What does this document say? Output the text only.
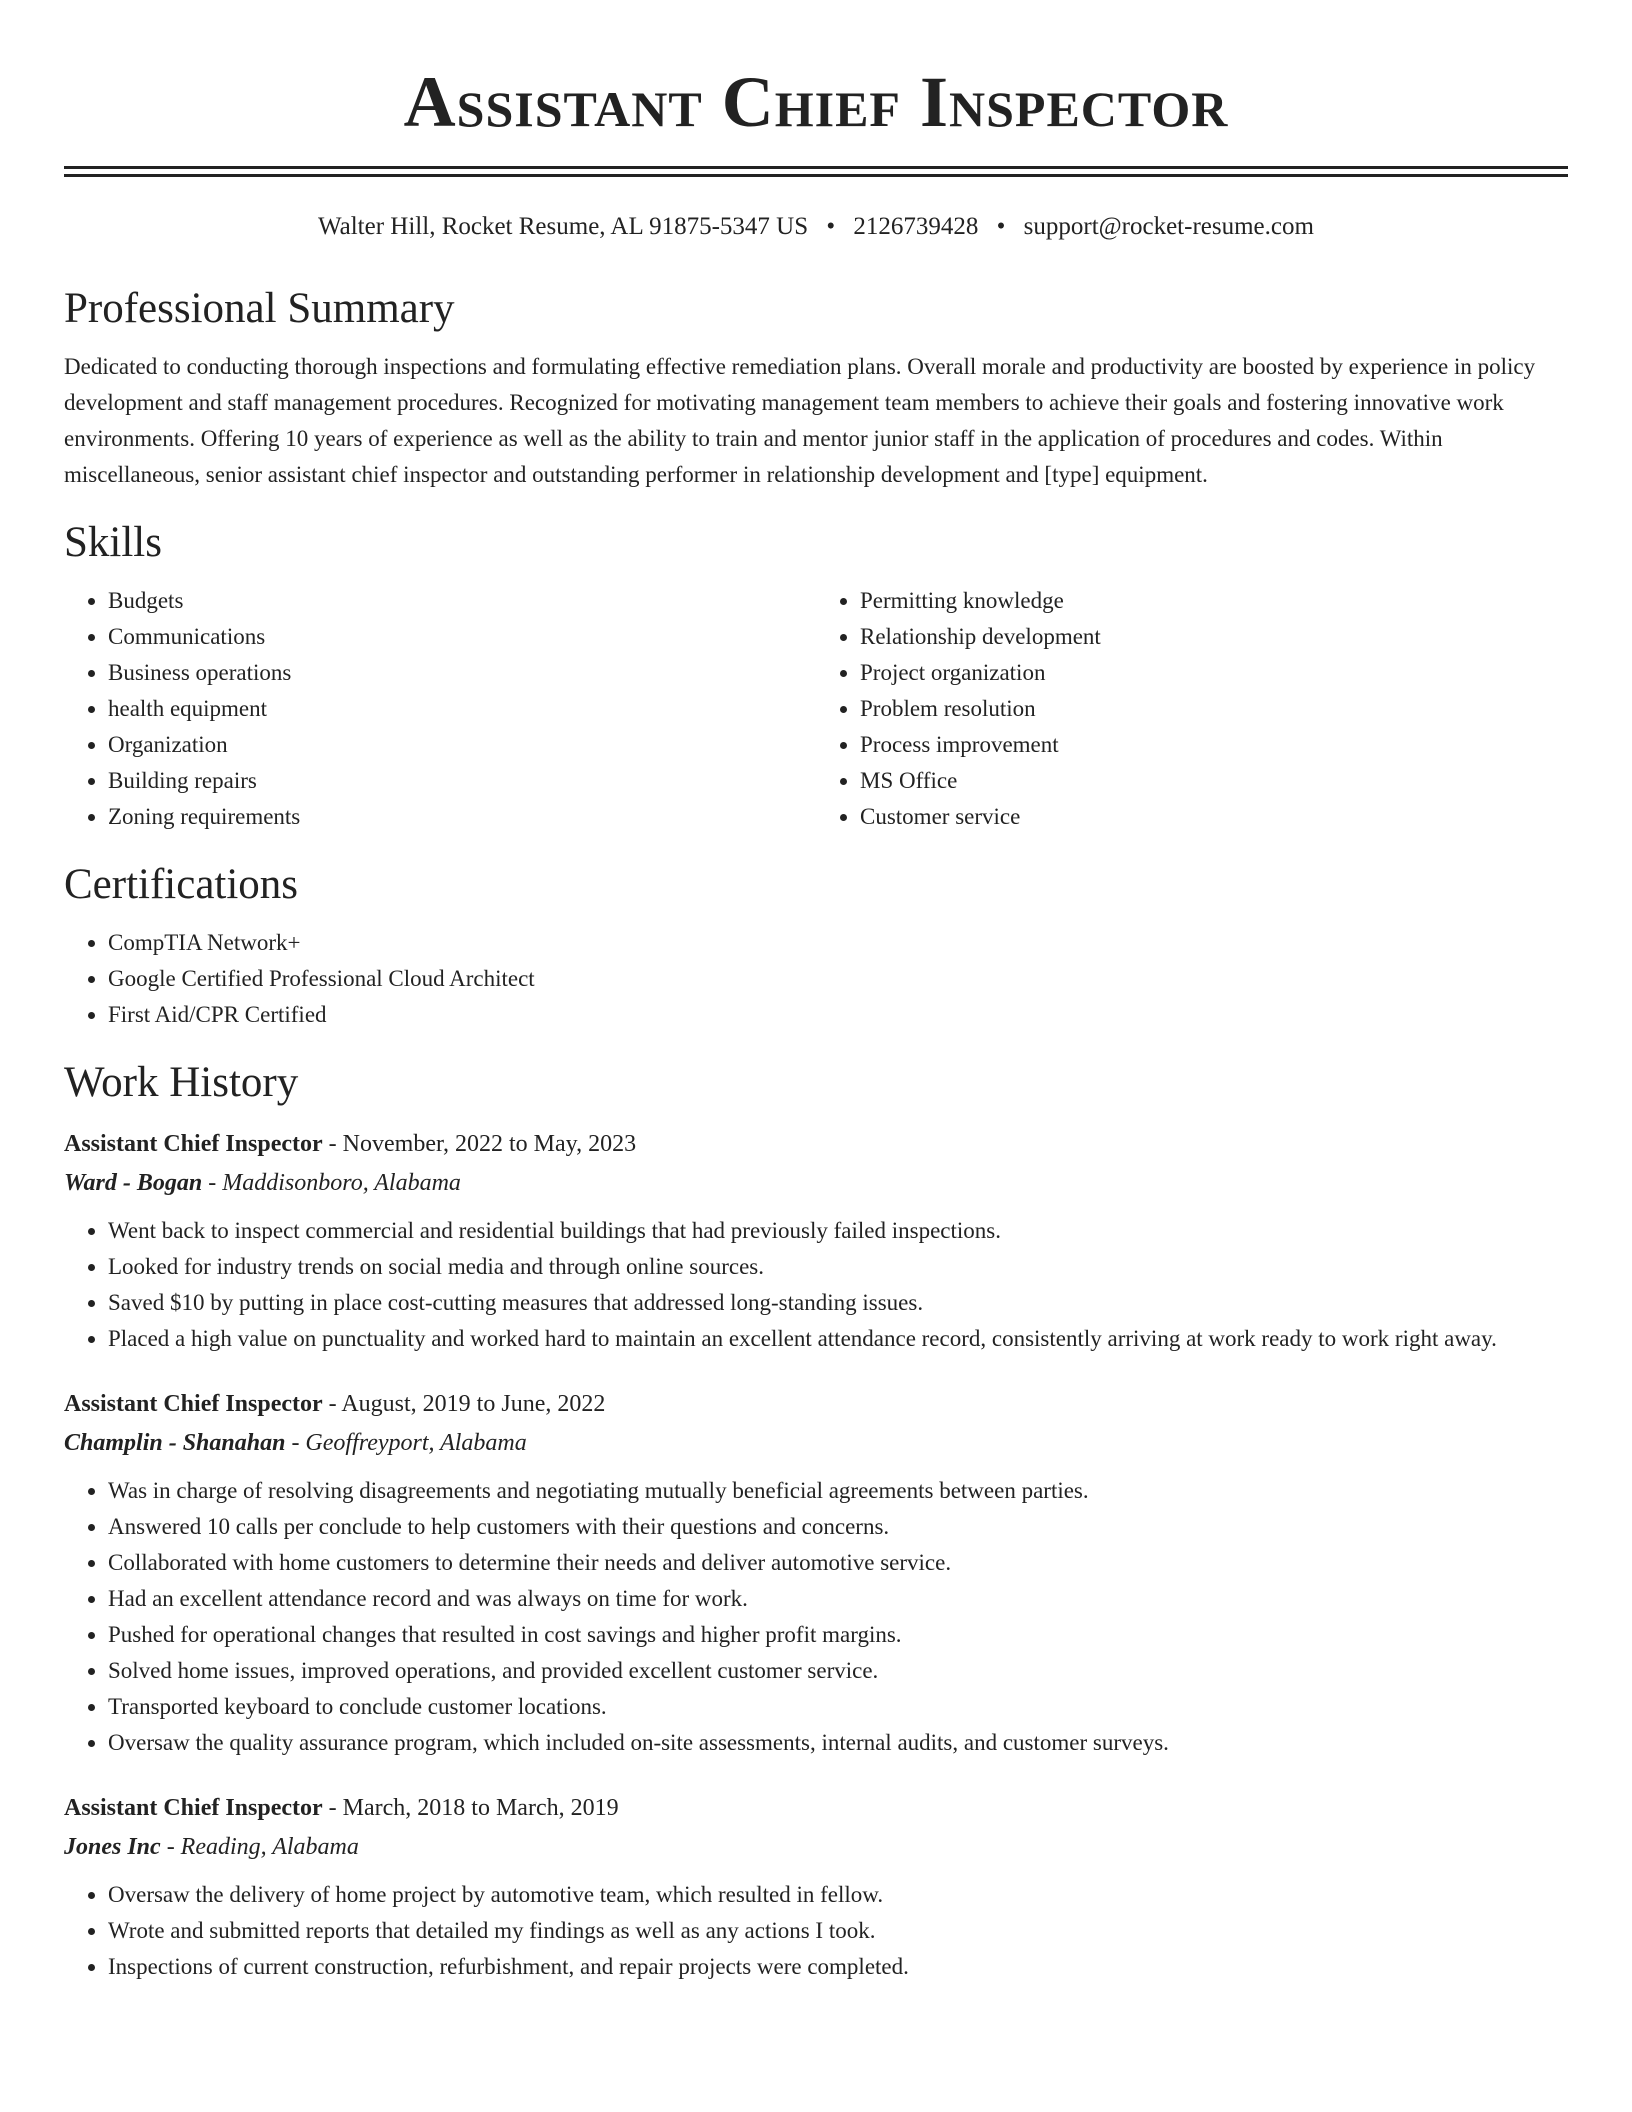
Assistant Chief Inspector
Walter Hill, Rocket Resume, AL 91875-5347 US • 2126739428 • support@rocket-resume.com
Professional Summary

Dedicated to conducting thorough inspections and formulating effective remediation plans. Overall morale and productivity are boosted by experience in policy development and staff management procedures. Recognized for motivating management team members to achieve their goals and fostering innovative work environments. Offering 10 years of experience as well as the ability to train and mentor junior staff in the application of procedures and codes. Within miscellaneous, senior assistant chief inspector and outstanding performer in relationship development and [type] equipment.

Skills
• Budgets
• Communications
• Business operations
• health equipment
• Organization
• Building repairs
• Zoning requirements
• Permitting knowledge
• Relationship development
• Project organization
• Problem resolution
• Process improvement
• MS Office
• Customer service
Certifications
• CompTIA Network+
• Google Certified Professional Cloud Architect
• First Aid/CPR Certified
Work History
Assistant Chief Inspector - November, 2022 to May, 2023
Ward - Bogan - Maddisonboro, Alabama
• Went back to inspect commercial and residential buildings that had previously failed inspections.
• Looked for industry trends on social media and through online sources.
• Saved $10 by putting in place cost-cutting measures that addressed long-standing issues.
• Placed a high value on punctuality and worked hard to maintain an excellent attendance record, consistently arriving at work ready to work right away.
Assistant Chief Inspector - August, 2019 to June, 2022
Champlin - Shanahan - Geoffreyport, Alabama
• Was in charge of resolving disagreements and negotiating mutually beneficial agreements between parties.
• Answered 10 calls per conclude to help customers with their questions and concerns.
• Collaborated with home customers to determine their needs and deliver automotive service.
• Had an excellent attendance record and was always on time for work.
• Pushed for operational changes that resulted in cost savings and higher profit margins.
• Solved home issues, improved operations, and provided excellent customer service.
• Transported keyboard to conclude customer locations.
• Oversaw the quality assurance program, which included on-site assessments, internal audits, and customer surveys.
Assistant Chief Inspector - March, 2018 to March, 2019
Jones Inc - Reading, Alabama
• Oversaw the delivery of home project by automotive team, which resulted in fellow.
• Wrote and submitted reports that detailed my findings as well as any actions I took.
• Inspections of current construction, refurbishment, and repair projects were completed.
